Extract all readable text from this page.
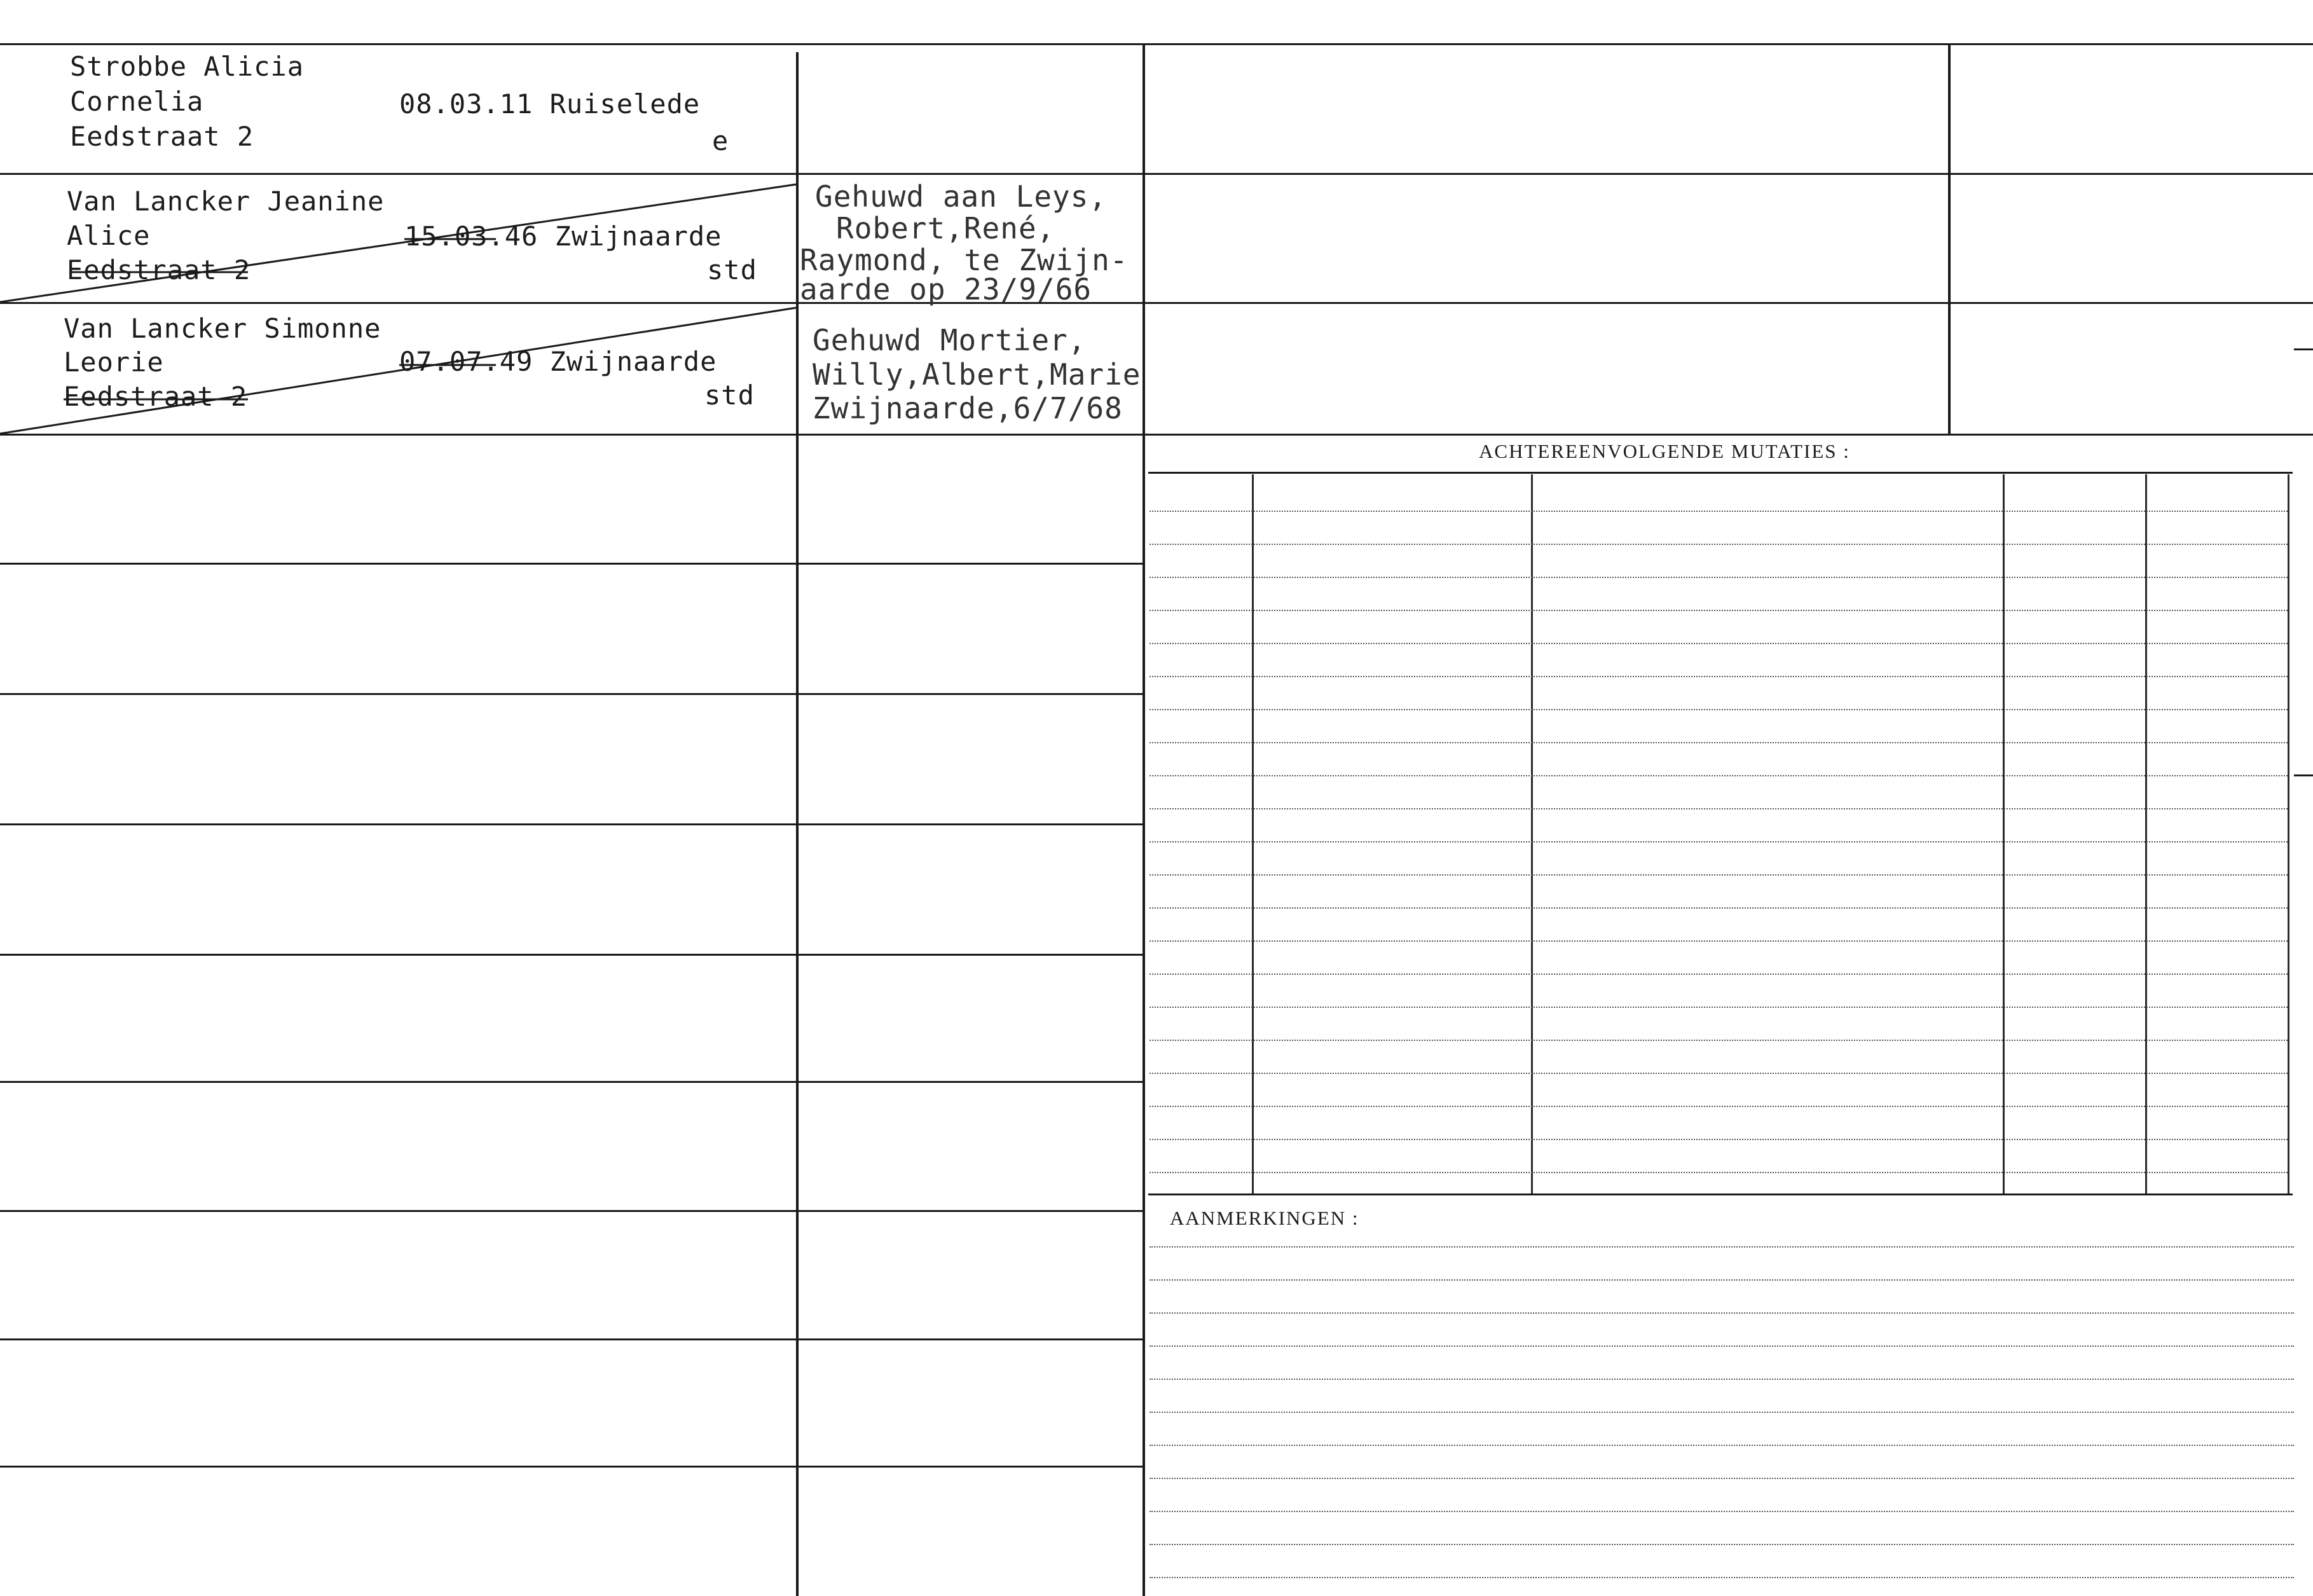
ACHTEREENVOLGENDE MUTATIES :
AANMERKINGEN :
Strobbe Alicia
Cornelia
Eedstraat 2
08.03.11 Ruiselede
e
Van Lancker Jeanine
Alice
Eedstraat 2
15.03.46 Zwijnaarde
std
Gehuwd aan Leys,
Robert,René,
Raymond, te Zwijn-
aarde op 23/9/66
Van Lancker Simonne
Leorie
Eedstraat 2
07.07.49 Zwijnaarde
std
Gehuwd Mortier,
Willy,Albert,Marie
Zwijnaarde,6/7/68
